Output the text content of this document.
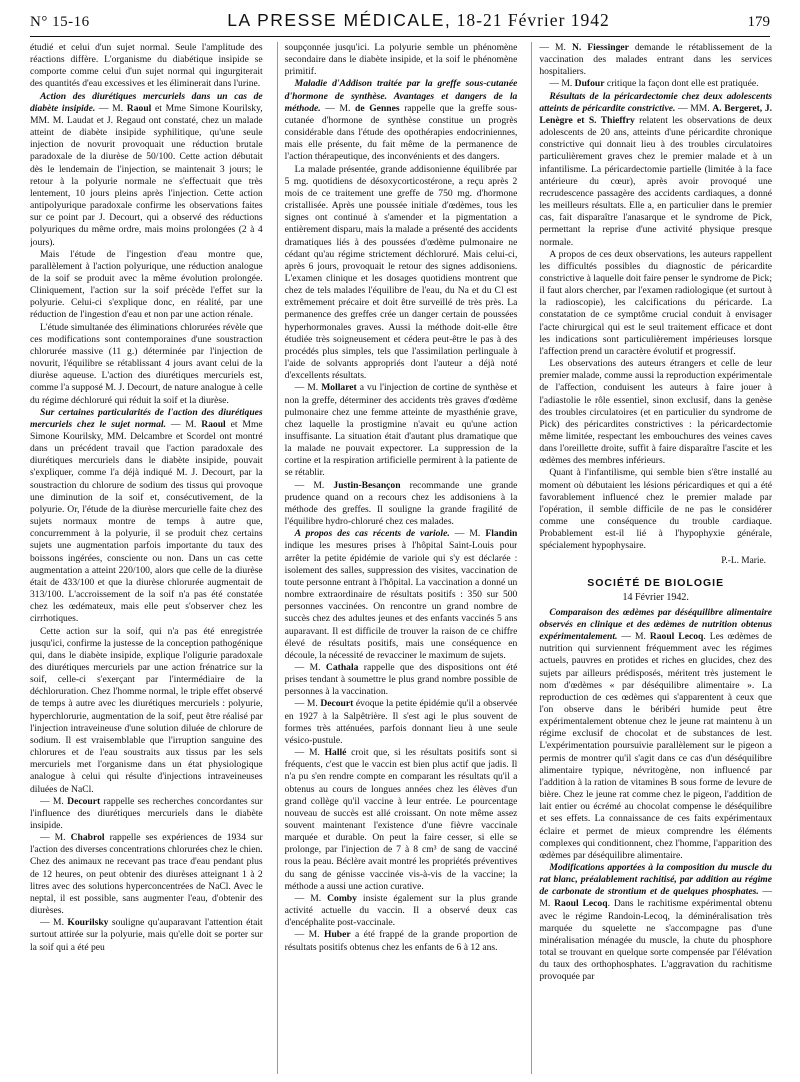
N° 15-16	LA PRESSE MÉDICALE, 18-21 Février 1942	179

étudié et celui d'un sujet normal. Seule l'amplitude des réactions diffère. L'organisme du diabétique insipide se comporte comme celui d'un sujet normal qui ingurgiterait des quantités d'eau excessives et les éliminerait dans l'urine.

Action des diurétiques mercuriels dans un cas de diabète insipide. — M. Raoul et Mme Simone Kourilsky, MM. M. Laudat et J. Regaud ont constaté, chez un malade atteint de diabète insipide syphilitique, qu'une seule injection de novurit provoquait une réduction brutale paradoxale de la diurèse de 50/100. Cette action débutait dès le lendemain de l'injection, se maintenait 3 jours; le retour à la polyurie normale ne s'effectuait que très lentement, 10 jours pleins après l'injection. Cette action antipolyurique paradoxale confirme les observations faites sur ce point par J. Decourt, qui a observé des réductions polyuriques du même ordre, mais moins prolongées (2 à 4 jours).

Mais l'étude de l'ingestion d'eau montre que, parallèlement à l'action polyurique, une réduction analogue de la soif se produit avec la même évolution prolongée. Cliniquement, l'action sur la soif précède l'effet sur la polyurie. Celui-ci s'explique donc, en réalité, par une réduction de l'ingestion d'eau et non par une action rénale.

L'étude simultanée des éliminations chlorurées révèle que ces modifications sont contemporaines d'une soustraction chlorurée massive (11 g.) déterminée par l'injection de novurit, l'équilibre se rétablissant 4 jours avant celui de la diurèse aqueuse. L'action des diurétiques mercuriels est, comme l'a supposé M. J. Decourt, de nature analogue à celle du régime déchloruré qui réduit la soif et la diurèse.

Sur certaines particularités de l'action des diurétiques mercuriels chez le sujet normal. — M. Raoul et Mme Simone Kourilsky, MM. Delcambre et Scordel ont montré dans un précédent travail que l'action paradoxale des diurétiques mercuriels dans le diabète insipide, pouvait s'expliquer, comme l'a déjà indiqué M. J. Decourt, par la soustraction du chlorure de sodium des tissus qui provoque une diminution de la soif et, consécutivement, de la polyurie. Or, l'étude de la diurèse mercurielle faite chez des sujets normaux montre de temps à autre que, concurremment à la polyurie, il se produit chez certains sujets une augmentation parfois importante du taux des boissons ingérées, consciente ou non. Dans un cas cette augmentation a atteint 220/100, alors que celle de la diurèse était de 433/100 et que la diurèse chlorurée augmentait de 313/100. L'accroissement de la soif n'a pas été constatée chez les œdémateux, mais elle peut s'observer chez les cirrhotiques.

Cette action sur la soif, qui n'a pas été enregistrée jusqu'ici, confirme la justesse de la conception pathogénique qui, dans le diabète insipide, explique l'oligurie paradoxale des diurétiques mercuriels par une action frénatrice sur la soif, celle-ci s'exerçant par l'intermédiaire de la déchloruration. Chez l'homme normal, le triple effet observé de temps à autre avec les diurétiques mercuriels : polyurie, hyperchlorurie, augmentation de la soif, peut être réalisé par l'injection intraveineuse d'une solution diluée de chlorure de sodium. Il est vraisemblable que l'irruption sanguine des chlorures et de l'eau soustraits aux tissus par les sels mercuriels met l'organisme dans un état physiologique analogue à celui qui résulte d'injections intraveineuses diluées de NaCl.

— M. Decourt rappelle ses recherches concordantes sur l'influence des diurétiques mercuriels dans le diabète insipide.

— M. Chabrol rappelle ses expériences de 1934 sur l'action des diverses concentrations chlorurées chez le chien. Chez des animaux ne recevant pas trace d'eau pendant plus de 12 heures, on peut obtenir des diurèses atteignant 1 à 2 litres avec des solutions hyperconcentrées de NaCl. Avec le neptal, il est possible, sans augmenter l'eau, d'obtenir des diurèses.

— M. Kourilsky souligne qu'auparavant l'attention était surtout attirée sur la polyurie, mais qu'elle doit se porter sur la soif qui a été peu

soupçonnée jusqu'ici. La polyurie semble un phénomène secondaire dans le diabète insipide, et la soif le phénomène primitif.

Maladie d'Addison traitée par la greffe sous-cutanée d'hormone de synthèse. Avantages et dangers de la méthode. — M. de Gennes rappelle que la greffe sous-cutanée d'hormone de synthèse constitue un progrès considérable dans l'étude des opothérapies endocriniennes, mais elle présente, du fait même de la permanence de l'action thérapeutique, des inconvénients et des dangers.

La malade présentée, grande addisonienne équilibrée par 5 mg. quotidiens de désoxycorticostérone, a reçu après 2 mois de ce traitement une greffe de 750 mg. d'hormone cristallisée. Après une poussée initiale d'œdèmes, tous les signes ont continué à s'amender et la pigmentation a entièrement disparu, mais la malade a présenté des accidents dramatiques liés à des poussées d'œdème pulmonaire ne cédant qu'au régime strictement déchloruré. Mais celui-ci, après 6 jours, provoquait le retour des signes addisoniens. L'examen clinique et les dosages quotidiens montrent que chez de tels malades l'équilibre de l'eau, du Na et du Cl est extrêmement précaire et doit être surveillé de très près. La permanence des greffes crée un danger certain de poussées hyperhormonales graves. Aussi la méthode doit-elle être étudiée très soigneusement et cédera peut-être le pas à des procédés plus simples, tels que l'assimilation perlinguale à l'aide de solvants appropriés dont l'auteur a déjà noté d'excellents résultats.

— M. Mollaret a vu l'injection de cortine de synthèse et non la greffe, déterminer des accidents très graves d'œdème pulmonaire chez une femme atteinte de myasthénie grave, chez laquelle la prostigmine n'avait eu qu'une action insuffisante. La situation était d'autant plus dramatique que la malade ne pouvait expectorer. La suppression de la cortine et la respiration artificielle permirent à la patiente de se rétablir.

— M. Justin-Besançon recommande une grande prudence quand on a recours chez les addisoniens à la méthode des greffes. Il souligne la grande fragilité de l'équilibre hydro-chloruré chez ces malades.

A propos des cas récents de variole. — M. Flandin indique les mesures prises à l'hôpital Saint-Louis pour arrêter la petite épidémie de variole qui s'y est déclarée : isolement des salles, suppression des visites, vaccination de toute personne entrant à l'hôpital. La vaccination a donné un nombre extraordinaire de résultats positifs : 350 sur 500 personnes vaccinées. On rencontre un grand nombre de succès chez des adultes jeunes et des enfants vaccinés 5 ans auparavant. Il est difficile de trouver la raison de ce chiffre élevé de résultats positifs, mais une conséquence en découle, la nécessité de revacciner le maximum de sujets.

— M. Cathala rappelle que des dispositions ont été prises tendant à soumettre le plus grand nombre possible de personnes à la vaccination.

— M. Decourt évoque la petite épidémie qu'il a observée en 1927 à la Salpêtrière. Il s'est agi le plus souvent de formes très atténuées, parfois donnant lieu à une seule vésico-pustule.

— M. Hallé croit que, si les résultats positifs sont si fréquents, c'est que le vaccin est bien plus actif que jadis. Il n'a pu s'en rendre compte en comparant les résultats qu'il a obtenus au cours de longues années chez les élèves d'un grand collège qu'il vaccine à leur entrée. Le pourcentage nouveau de succès est allé croissant. On note même assez souvent maintenant l'existence d'une fièvre vaccinale marquée et durable. On peut la faire cesser, si elle se prolonge, par l'injection de 7 à 8 cm³ de sang de vacciné rous la peau. Béclère avait montré les propriétés préventives du sang de génisse vaccinée vis-à-vis de la vaccine; la méthode a aussi une action curative.

— M. Comby insiste également sur la plus grande activité actuelle du vaccin. Il a observé deux cas d'encéphalite post-vaccinale.

— M. Huber a été frappé de la grande proportion de résultats positifs obtenus chez les enfants de 6 à 12 ans.

— M. N. Fiessinger demande le rétablissement de la vaccination des malades entrant dans les services hospitaliers.

— M. Dufour critique la façon dont elle est pratiquée.

Résultats de la péricardectomie chez deux adolescents atteints de péricardite constrictive. — MM. A. Bergeret, J. Lenègre et S. Thieffry relatent les observations de deux adolescents de 20 ans, atteints d'une péricardite chronique constrictive qui donnait lieu à des troubles circulatoires particulièrement graves chez le premier malade et à un infantilisme. La péricardectomie partielle (limitée à la face antérieure du cœur), après avoir provoqué une recrudescence passagère des accidents cardiaques, a donné les meilleurs résultats. Elle a, en particulier dans le premier cas, fait disparaître l'anasarque et le syndrome de Pick, permettant la reprise d'une activité physique presque normale.

A propos de ces deux observations, les auteurs rappellent les difficultés possibles du diagnostic de péricardite constrictive à laquelle doit faire penser le syndrome de Pick; il faut alors chercher, par l'examen radiologique (et surtout à la radioscopie), les calcifications du péricarde. La constatation de ce symptôme crucial conduit à envisager l'acte chirurgical qui est le seul traitement efficace et dont les indications sont particulièrement impérieuses lorsque l'affection prend un caractère évolutif et progressif.

Les observations des auteurs étrangers et celle de leur premier malade, comme aussi la reproduction expérimentale de l'affection, conduisent les auteurs à faire jouer à l'adiastolie le rôle essentiel, sinon exclusif, dans la genèse des troubles circulatoires (et en particulier du syndrome de Pick) des péricardites constrictives : la péricardectomie même limitée, respectant les embouchures des veines caves dans l'oreillette droite, suffit à faire disparaître l'ascite et les œdèmes des membres inférieurs.

Quant à l'infantilisme, qui semble bien s'être installé au moment où débutaient les lésions péricardiques et qui a été favorablement influencé chez le premier malade par l'opération, il semble difficile de ne pas le considérer comme une conséquence du trouble cardiaque. Probablement est-il lié à l'hypophyxie générale, spécialement hypophysaire.

P.-L. Marie.
SOCIÉTÉ DE BIOLOGIE
14 Février 1942.

Comparaison des œdèmes par déséquilibre alimentaire observés en clinique et des œdèmes de nutrition obtenus expérimentalement. — M. Raoul Lecoq. Les œdèmes de nutrition qui surviennent fréquemment avec les régimes actuels, pauvres en protides et riches en glucides, chez des sujets par ailleurs prédisposés, méritent très justement le nom d'œdèmes « par déséquilibre alimentaire ». La reproduction de ces œdèmes qui s'apparentent à ceux que l'on observe dans le béribéri humide peut être expérimentalement obtenue chez le jeune rat maintenu à un régime exclusif de chocolat et de substances de lest. L'expérimentation poursuivie parallèlement sur le pigeon a permis de montrer qu'il s'agit dans ce cas d'un déséquilibre alimentaire typique, névritogène, non influencé par l'addition à la ration de vitamines B sous forme de levure de bière. Chez le jeune rat comme chez le pigeon, l'addition de lait entier ou écrémé au chocolat compense le déséquilibre et ses effets. La connaissance de ces faits expérimentaux éclaire et permet de mieux comprendre les éléments complexes qui conditionnent, chez l'homme, l'apparition des œdèmes par déséquilibre alimentaire.

Modifications apportées à la composition du muscle du rat blanc, préalablement rachitisé, par addition au régime de carbonate de strontium et de quelques phosphates. — M. Raoul Lecoq. Dans le rachitisme expérimental obtenu avec le régime Randoin-Lecoq, la déminéralisation très marquée du squelette ne s'accompagne pas d'une minéralisation ménagée du muscle, la chute du phosphore total se trouvant en quelque sorte compensée par l'élévation du taux des orthophosphates. L'aggravation du rachitisme provoquée par
